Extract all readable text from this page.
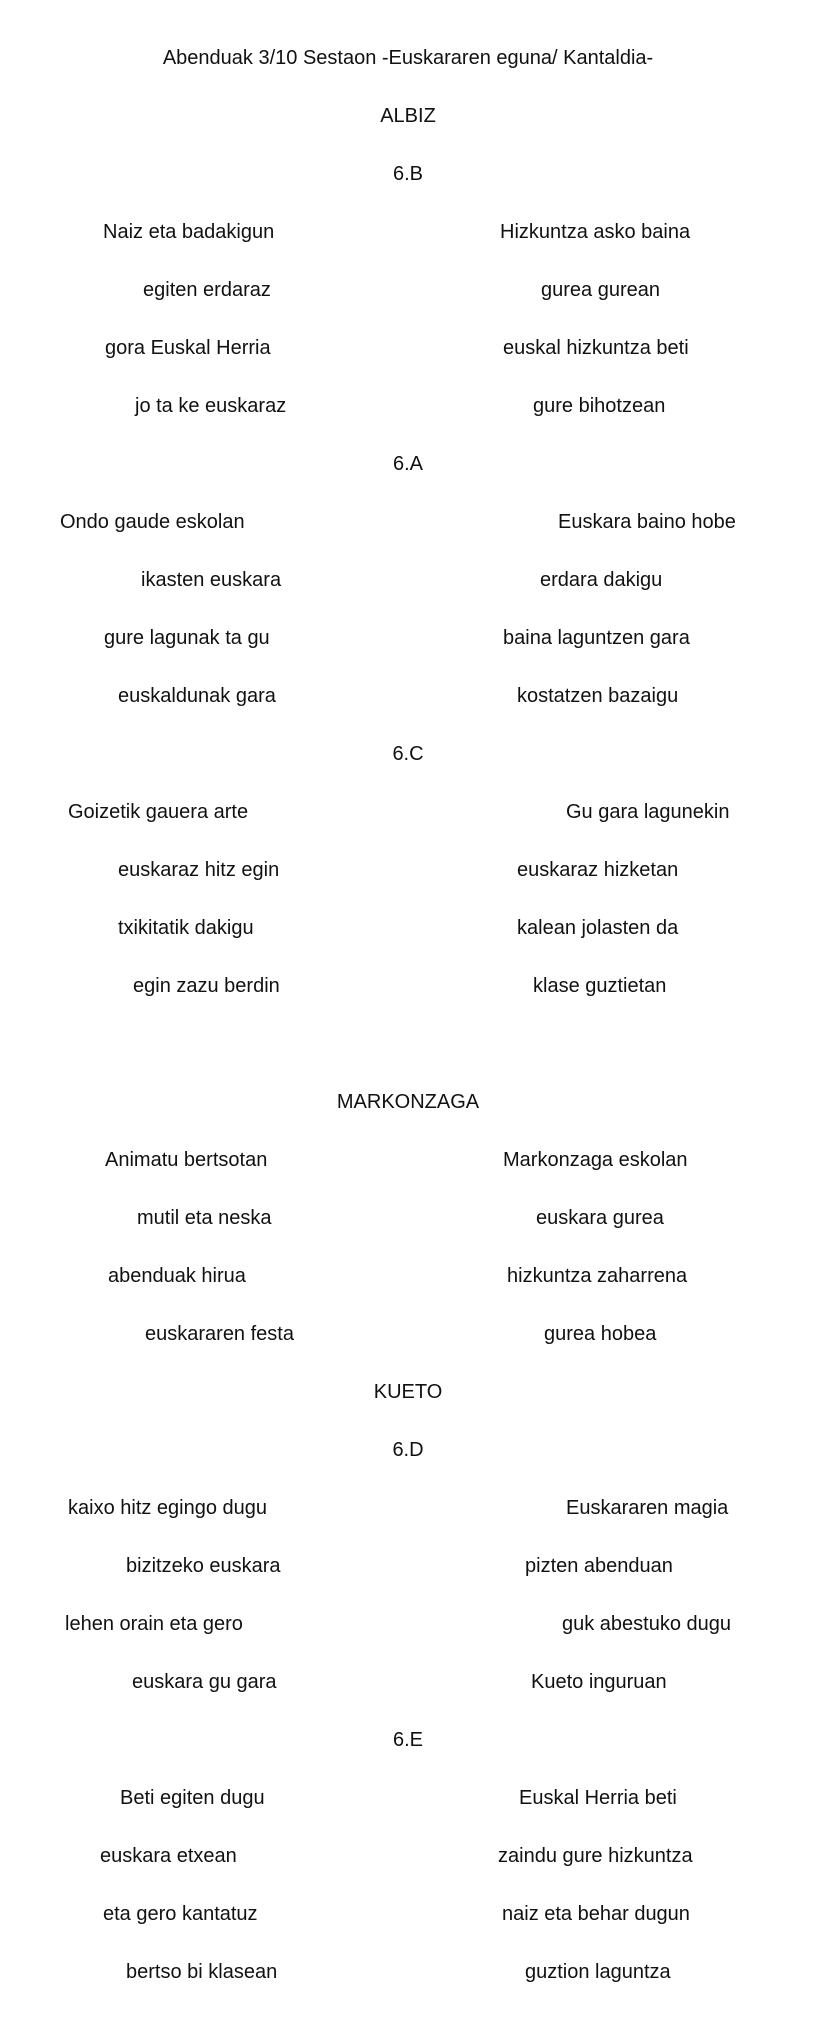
Abenduak 3/10 Sestaon -Euskararen eguna/ Kantaldia-
ALBIZ
6.B
Naiz eta badakigun
egiten erdaraz
gora Euskal Herria
jo ta ke euskaraz
Hizkuntza asko baina
gurea gurean
euskal hizkuntza beti
gure bihotzean
6.A
Ondo gaude eskolan
ikasten euskara
gure lagunak ta gu
euskaldunak gara
Euskara baino hobe
erdara dakigu
baina laguntzen gara
kostatzen bazaigu
6.C
Goizetik gauera arte
euskaraz hitz egin
txikitatik dakigu
egin zazu berdin
Gu gara lagunekin
euskaraz hizketan
kalean jolasten da
klase guztietan
MARKONZAGA
Animatu bertsotan
mutil eta neska
abenduak hirua
euskararen festa
Markonzaga eskolan
euskara gurea
hizkuntza zaharrena
gurea hobea
KUETO
6.D
kaixo hitz egingo dugu
bizitzeko euskara
lehen orain eta gero
euskara gu gara
Euskararen magia
pizten abenduan
guk abestuko dugu
Kueto inguruan
6.E
Beti egiten dugu
euskara etxean
eta gero kantatuz
bertso bi klasean
Euskal Herria beti
zaindu gure hizkuntza
naiz eta behar dugun
guztion laguntza
